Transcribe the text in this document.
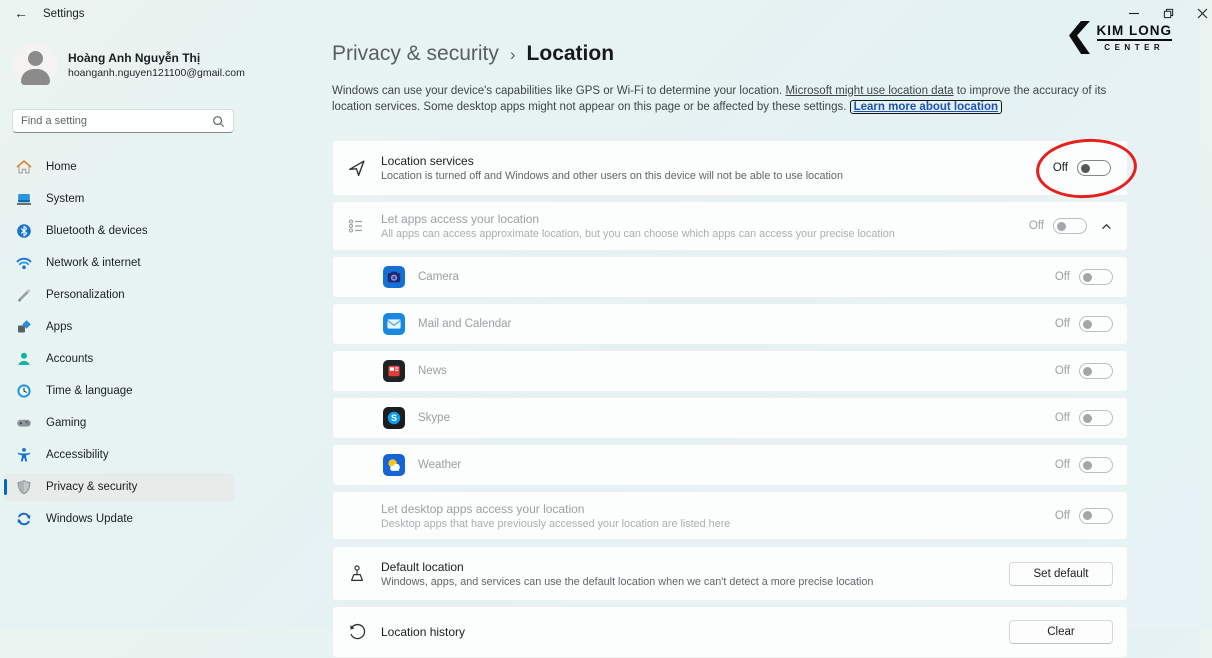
← Settings
KIM LONG
CENTER
Hoàng Anh Nguyễn Thị
hoanganh.nguyen121100@gmail.com
Find a setting
Home
System
Bluetooth & devices
Network & internet
Personalization
Apps
Accounts
Time & language
Gaming
Accessibility
Privacy & security
Windows Update
Privacy & security › Location
Windows can use your device's capabilities like GPS or Wi-Fi to determine your location. Microsoft might use location data to improve the accuracy of its location services. Some desktop apps might not appear on this page or be affected by these settings. Learn more about location
Location services
Location is turned off and Windows and other users on this device will not be able to use location
Off
Let apps access your location
All apps can access approximate location, but you can choose which apps can access your precise location
Off
Camera	Off
Mail and Calendar	Off
News	Off
S Skype	Off
Weather	Off
Let desktop apps access your location
Desktop apps that have previously accessed your location are listed here
Off
Default location
Windows, apps, and services can use the default location when we can't detect a more precise location
Set default
Location history	Clear
